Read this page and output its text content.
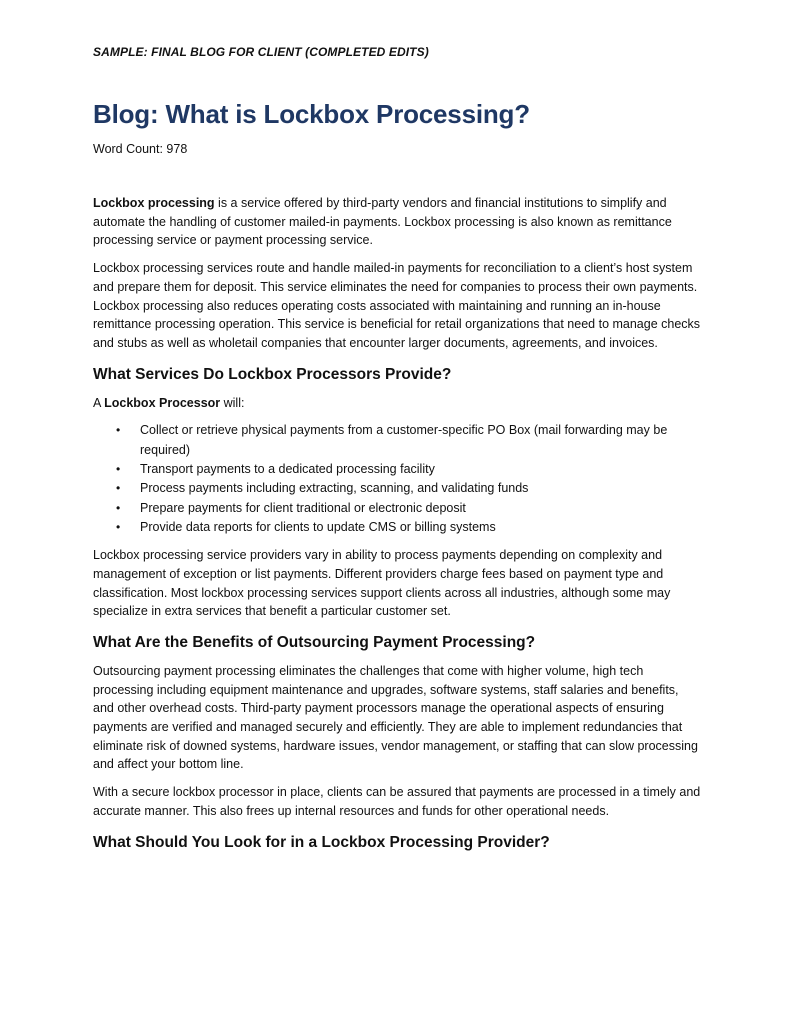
SAMPLE: FINAL BLOG FOR CLIENT (COMPLETED EDITS)

Blog: What is Lockbox Processing?

Word Count: 978

Lockbox processing is a service offered by third-party vendors and financial institutions to simplify and automate the handling of customer mailed-in payments. Lockbox processing is also known as remittance processing service or payment processing service.

Lockbox processing services route and handle mailed-in payments for reconciliation to a client’s host system and prepare them for deposit. This service eliminates the need for companies to process their own payments. Lockbox processing also reduces operating costs associated with maintaining and running an in-house remittance processing operation. This service is beneficial for retail organizations that need to manage checks and stubs as well as wholetail companies that encounter larger documents, agreements, and invoices.

What Services Do Lockbox Processors Provide?

A Lockbox Processor will:

• Collect or retrieve physical payments from a customer-specific PO Box (mail forwarding may be required)
• Transport payments to a dedicated processing facility
• Process payments including extracting, scanning, and validating funds
• Prepare payments for client traditional or electronic deposit
• Provide data reports for clients to update CMS or billing systems

Lockbox processing service providers vary in ability to process payments depending on complexity and management of exception or list payments. Different providers charge fees based on payment type and classification. Most lockbox processing services support clients across all industries, although some may specialize in extra services that benefit a particular customer set.

What Are the Benefits of Outsourcing Payment Processing?

Outsourcing payment processing eliminates the challenges that come with higher volume, high tech processing including equipment maintenance and upgrades, software systems, staff salaries and benefits, and other overhead costs. Third-party payment processors manage the operational aspects of ensuring payments are verified and managed securely and efficiently. They are able to implement redundancies that eliminate risk of downed systems, hardware issues, vendor management, or staffing that can slow processing and affect your bottom line.

With a secure lockbox processor in place, clients can be assured that payments are processed in a timely and accurate manner. This also frees up internal resources and funds for other operational needs.

What Should You Look for in a Lockbox Processing Provider?
